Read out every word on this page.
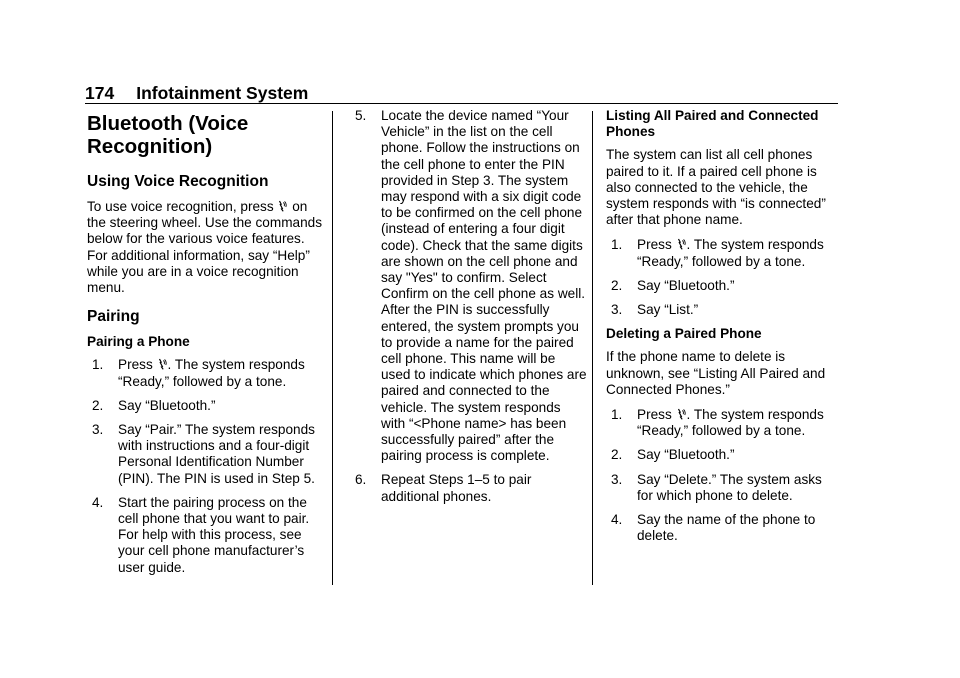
174 Infotainment System
Bluetooth (Voice Recognition)
Using Voice Recognition

To use voice recognition, press
on the steering wheel. Use the commands below for the various voice features. For additional information, say “Help” while you are in a voice recognition menu.

Pairing
Pairing a Phone
1. Press
. The system responds “Ready,” followed by a tone.
2. Say “Bluetooth.”
3. Say “Pair.” The system responds with instructions and a four-digit Personal Identification Number (PIN). The PIN is used in Step 5.
4. Start the pairing process on the cell phone that you want to pair. For help with this process, see your cell phone manufacturer’s user guide.
5. Locate the device named “Your Vehicle” in the list on the cell phone. Follow the instructions on the cell phone to enter the PIN provided in Step 3. The system may respond with a six digit code to be confirmed on the cell phone (instead of entering a four digit code). Check that the same digits are shown on the cell phone and say "Yes" to confirm. Select Confirm on the cell phone as well. After the PIN is successfully entered, the system prompts you to provide a name for the paired cell phone. This name will be used to indicate which phones are paired and connected to the vehicle. The system responds with “<Phone name> has been successfully paired” after the pairing process is complete.
6. Repeat Steps 1–5 to pair additional phones.
Listing All Paired and Connected Phones

The system can list all cell phones paired to it. If a paired cell phone is also connected to the vehicle, the system responds with “is connected” after that phone name.

1. Press
. The system responds “Ready,” followed by a tone.
2. Say “Bluetooth.”
3. Say “List.”
Deleting a Paired Phone

If the phone name to delete is unknown, see “Listing All Paired and Connected Phones.”

1. Press
. The system responds “Ready,” followed by a tone.
2. Say “Bluetooth.”
3. Say “Delete.” The system asks for which phone to delete.
4. Say the name of the phone to delete.
